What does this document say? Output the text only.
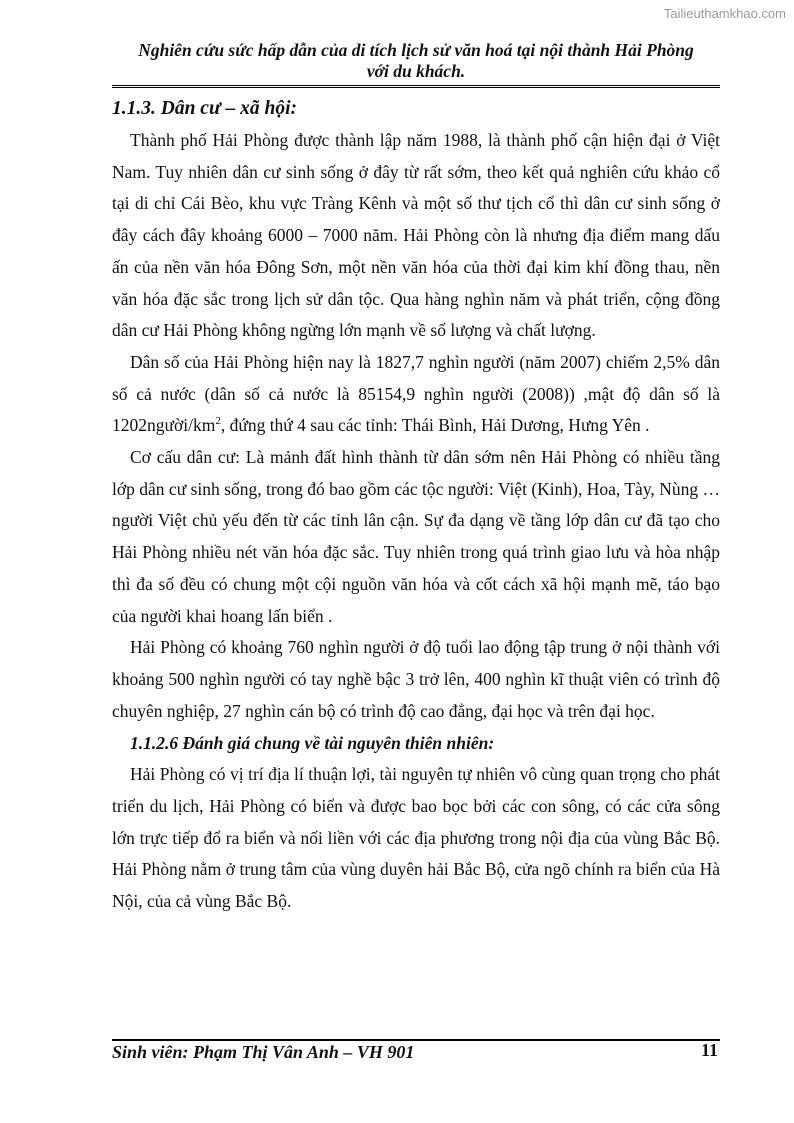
Tailieuthamkhao.com
Nghiên cứu sức hấp dẫn của di tích lịch sử văn hoá tại nội thành Hải Phòng
với du khách.
1.1.3. Dân cư – xã hội:

Thành phố Hải Phòng được thành lập năm 1988, là thành phố cận hiện đại ở Việt Nam. Tuy nhiên dân cư sinh sống ở đây từ rất sớm, theo kết quả nghiên cứu khảo cổ tại di chỉ Cái Bèo, khu vực Tràng Kênh và một số thư tịch cổ thì dân cư sinh sống ở đây cách đây khoảng 6000 – 7000 năm. Hải Phòng còn là nhưng địa điểm mang dấu ấn của nền văn hóa Đông Sơn, một nền văn hóa của thời đại kim khí đồng thau, nền văn hóa đặc sắc trong lịch sử dân tộc. Qua hàng nghìn năm và phát triển, cộng đồng dân cư Hải Phòng không ngừng lớn mạnh về số lượng và chất lượng.

Dân số của Hải Phòng hiện nay là 1827,7 nghìn người (năm 2007) chiếm 2,5% dân số cả nước (dân số cả nước là 85154,9 nghìn người (2008)) ,mật độ dân số là $1202người/km^2$, đứng thứ 4 sau các tỉnh: Thái Bình, Hải Dương, Hưng Yên .

Cơ cấu dân cư: Là mảnh đất hình thành từ dân sớm nên Hải Phòng có nhiều tầng lớp dân cư sinh sống, trong đó bao gồm các tộc người: Việt (Kinh), Hoa, Tày, Nùng …người Việt chủ yếu đến từ các tỉnh lân cận. Sự đa dạng về tầng lớp dân cư đã tạo cho Hải Phòng nhiều nét văn hóa đặc sắc. Tuy nhiên trong quá trình giao lưu và hòa nhập thì đa số đều có chung một cội nguồn văn hóa và cốt cách xã hội mạnh mẽ, táo bạo của người khai hoang lấn biển .

Hải Phòng có khoảng 760 nghìn người ở độ tuổi lao động tập trung ở nội thành với khoảng 500 nghìn người có tay nghề bậc 3 trở lên, 400 nghìn kĩ thuật viên có trình độ chuyên nghiệp, 27 nghìn cán bộ có trình độ cao đẳng, đại học và trên đại học.

1.1.2.6 Đánh giá chung về tài nguyên thiên nhiên:

Hải Phòng có vị trí địa lí thuận lợi, tài nguyên tự nhiên vô cùng quan trọng cho phát triển du lịch, Hải Phòng có biển và được bao bọc bởi các con sông, có các cửa sông lớn trực tiếp đổ ra biển và nối liền với các địa phương trong nội địa của vùng Bắc Bộ. Hải Phòng nằm ở trung tâm của vùng duyên hải Bắc Bộ, cửa ngõ chính ra biển của Hà Nội, của cả vùng Bắc Bộ.

Sinh viên: Phạm Thị Vân Anh – VH 901	11
